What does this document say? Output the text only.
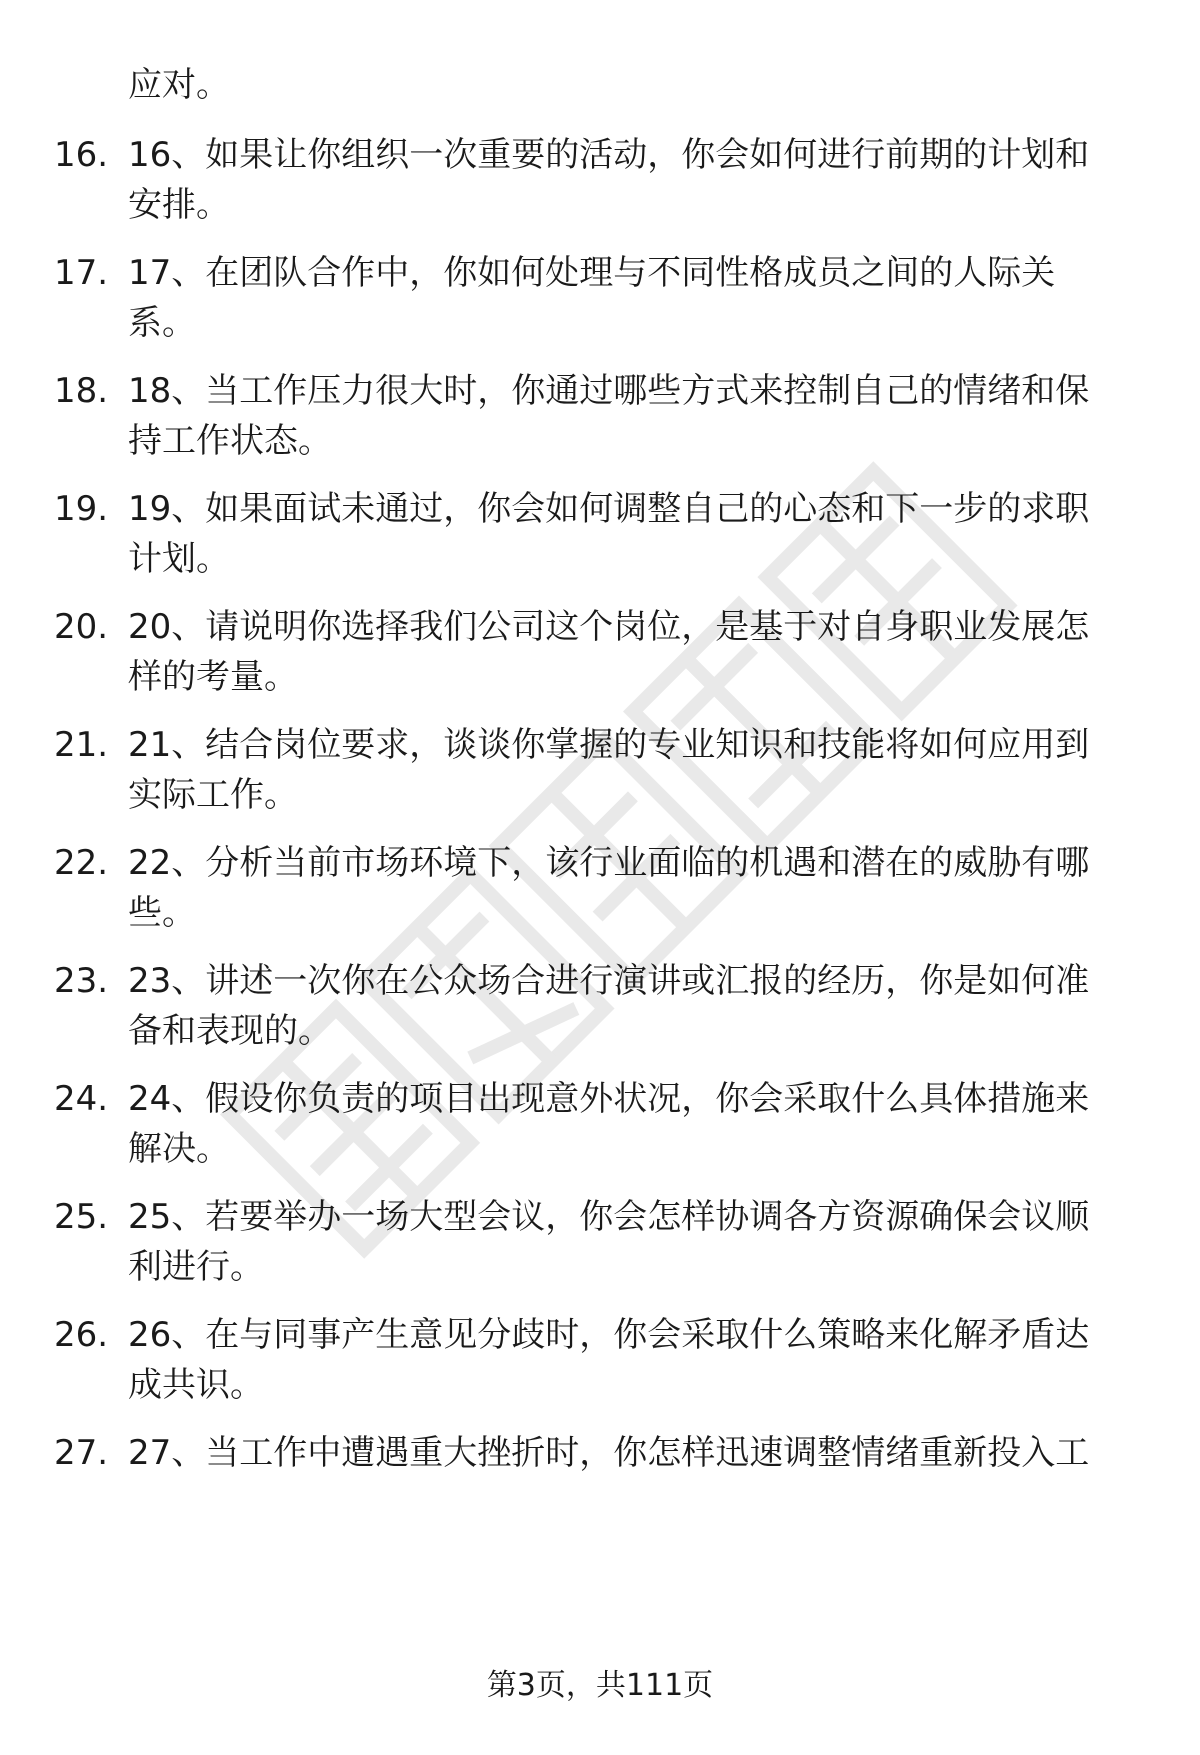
应对。
16. 16、如果让你组织一次重要的活动，你会如何进行前期的计划和
安排。
17. 17、在团队合作中，你如何处理与不同性格成员之间的人际关
系。
18. 18、当工作压力很大时，你通过哪些方式来控制自己的情绪和保
持工作状态。
19. 19、如果面试未通过，你会如何调整自己的心态和下一步的求职
计划。
20. 20、请说明你选择我们公司这个岗位，是基于对自身职业发展怎
样的考量。
21. 21、结合岗位要求，谈谈你掌握的专业知识和技能将如何应用到
实际工作。
22. 22、分析当前市场环境下，该行业面临的机遇和潜在的威胁有哪
些。
23. 23、讲述一次你在公众场合进行演讲或汇报的经历，你是如何准
备和表现的。
24. 24、假设你负责的项目出现意外状况，你会采取什么具体措施来
解决。
25. 25、若要举办一场大型会议，你会怎样协调各方资源确保会议顺
利进行。
26. 26、在与同事产生意见分歧时，你会采取什么策略来化解矛盾达
成共识。
27. 27、当工作中遭遇重大挫折时，你怎样迅速调整情绪重新投入工
第3页，共111页
